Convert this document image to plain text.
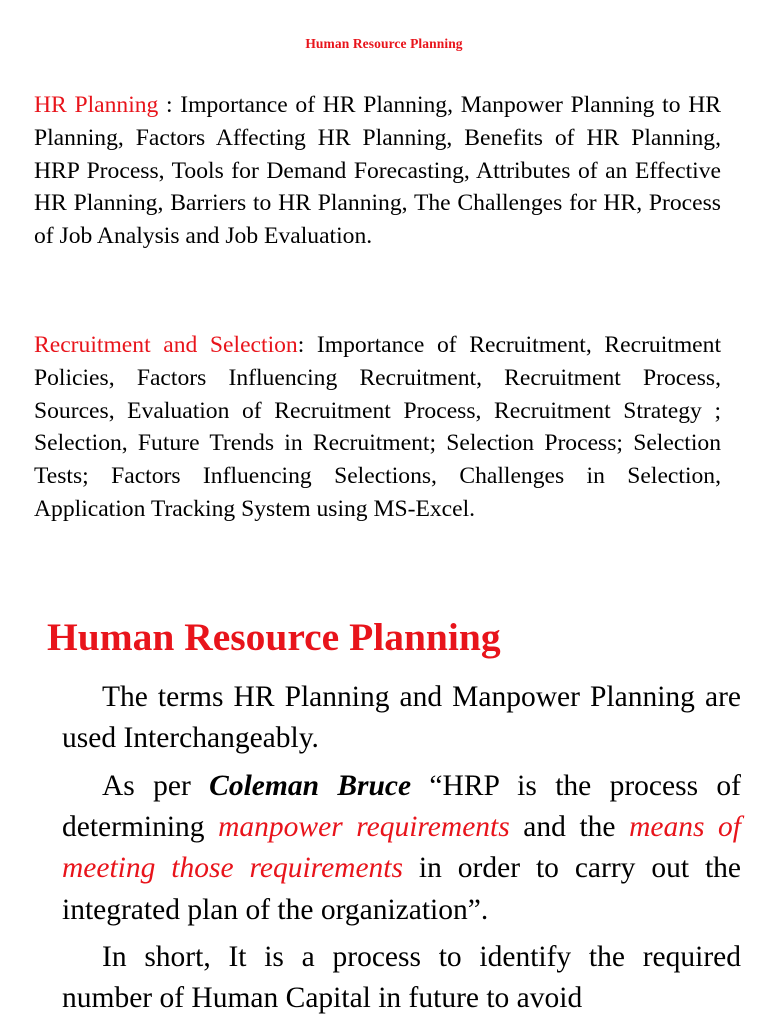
Human Resource Planning
HR Planning : Importance of HR Planning, Manpower Planning to HR Planning, Factors Affecting HR Planning, Benefits of HR Planning, HRP Process, Tools for Demand Forecasting, Attributes of an Effective HR Planning, Barriers to HR Planning, The Challenges for HR, Process of Job Analysis and Job Evaluation.
Recruitment and Selection: Importance of Recruitment, Recruitment Policies, Factors Influencing Recruitment, Recruitment Process, Sources, Evaluation of Recruitment Process, Recruitment Strategy ; Selection, Future Trends in Recruitment; Selection Process; Selection Tests; Factors Influencing Selections, Challenges in Selection, Application Tracking System using MS-Excel.
Human Resource Planning
The terms HR Planning and Manpower Planning are used Interchangeably.
As per Coleman Bruce “HRP is the process of determining manpower requirements and the means of meeting those requirements in order to carry out the integrated plan of the organization”.
In short, It is a process to identify the required number of Human Capital in future to avoid
